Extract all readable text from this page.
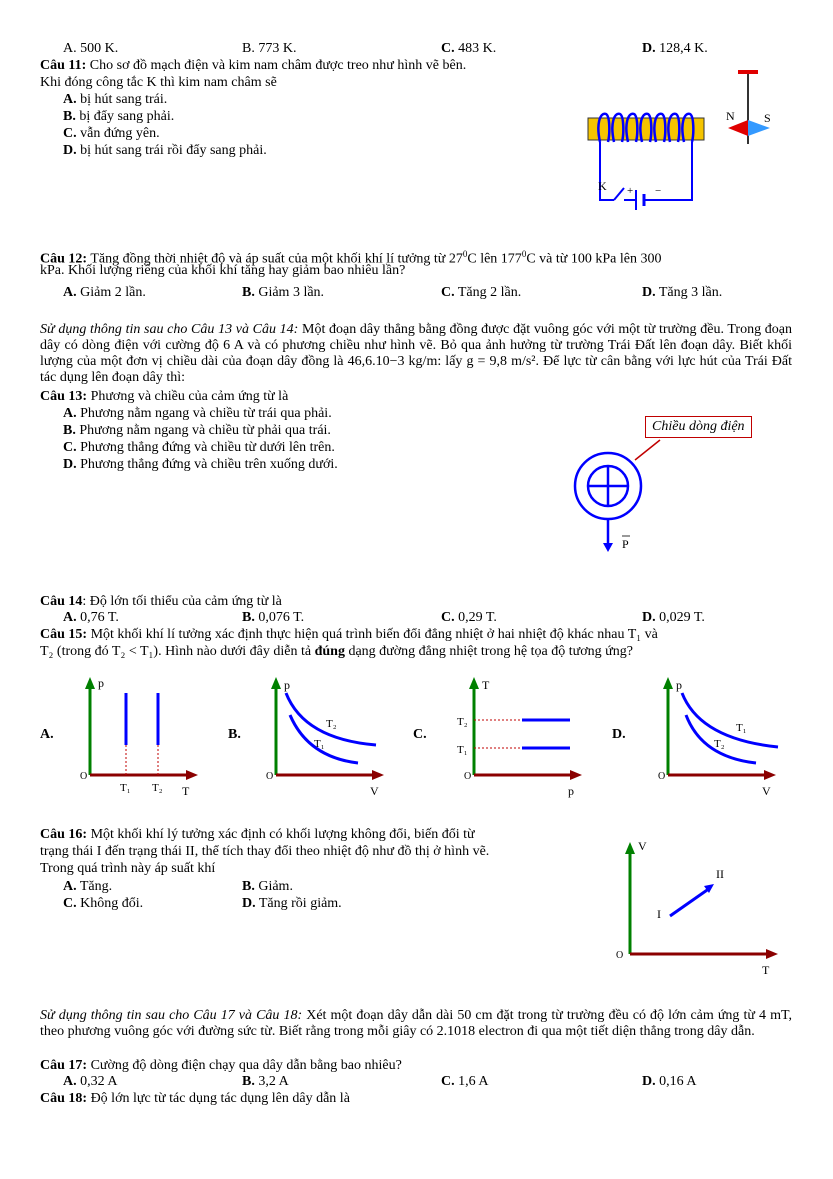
A. 500 K.	B. 773 K.	C. 483 K.	D. 128,4 K.
Câu 11: Cho sơ đồ mạch điện và kim nam châm được treo như hình vẽ bên.
Khi đóng công tắc K thì kim nam châm sẽ
A. bị hút sang trái.
B. bị đẩy sang phải.
C. vẫn đứng yên.
D. bị hút sang trái rồi đẩy sang phải.
N S
K + −
Câu 12: Tăng đồng thời nhiệt độ và áp suất của một khối khí lí tưởng từ $27^0C$ lên $177^0C$ và từ 100 kPa lên 300
kPa. Khối lượng riêng của khối khí tăng hay giảm bao nhiêu lần?
A. Giảm 2 lần.	B. Giảm 3 lần.	C. Tăng 2 lần.	D. Tăng 3 lần.
Sử dụng thông tin sau cho Câu 13 và Câu 14: Một đoạn dây thẳng bằng đồng được đặt vuông góc với một từ trường đều. Trong đoạn dây có dòng điện với cường độ 6 A và có phương chiều như hình vẽ. Bỏ qua ảnh hưởng từ trường Trái Đất lên đoạn dây. Biết khối lượng của một đơn vị chiều dài của đoạn dây đồng là 46,6.10−3 kg/m: lấy g = 9,8 m/s². Để lực từ cân bằng với lực hút của Trái Đất tác dụng lên đoạn dây thì:
Câu 13: Phương và chiều của cảm ứng từ là
A. Phương nằm ngang và chiều từ trái qua phải.
B. Phương nằm ngang và chiều từ phải qua trái.
C. Phương thẳng đứng và chiều từ dưới lên trên.
D. Phương thẳng đứng và chiều trên xuống dưới.
Chiều dòng điện
P
Câu 14: Độ lớn tối thiểu của cảm ứng từ là
A. 0,76 T.	B. 0,076 T.	C. 0,29 T.	D. 0,029 T.
Câu 15: Một khối khí lí tưởng xác định thực hiện quá trình biến đổi đẳng nhiệt ở hai nhiệt độ khác nhau T₁ và
T₂ (trong đó T₂ < T₁). Hình nào dưới đây diễn tả đúng dạng đường đẳng nhiệt trong hệ tọa độ tương ứng?
A.
p
T
O
T₁ T₂
B.
p
V
O
T₂
T₁
C.
T
p
O
T₂
T₁
D.
p
V
O
T₁
T₂
Câu 16: Một khối khí lý tưởng xác định có khối lượng không đổi, biến đổi từ
trạng thái I đến trạng thái II, thể tích thay đổi theo nhiệt độ như đồ thị ở hình vẽ.
Trong quá trình này áp suất khí
A. Tăng.	B. Giảm.
C. Không đổi.	D. Tăng rồi giảm.
V
T
O
I
II
Sử dụng thông tin sau cho Câu 17 và Câu 18: Xét một đoạn dây dẫn dài 50 cm đặt trong từ trường đều có độ lớn cảm ứng từ 4 mT, theo phương vuông góc với đường sức từ. Biết rằng trong mỗi giây có 2.1018 electron đi qua một tiết diện thẳng trong dây dẫn.
Câu 17: Cường độ dòng điện chạy qua dây dẫn bằng bao nhiêu?
A. 0,32 A	B. 3,2 A	C. 1,6 A	D. 0,16 A
Câu 18: Độ lớn lực từ tác dụng tác dụng lên dây dẫn là
